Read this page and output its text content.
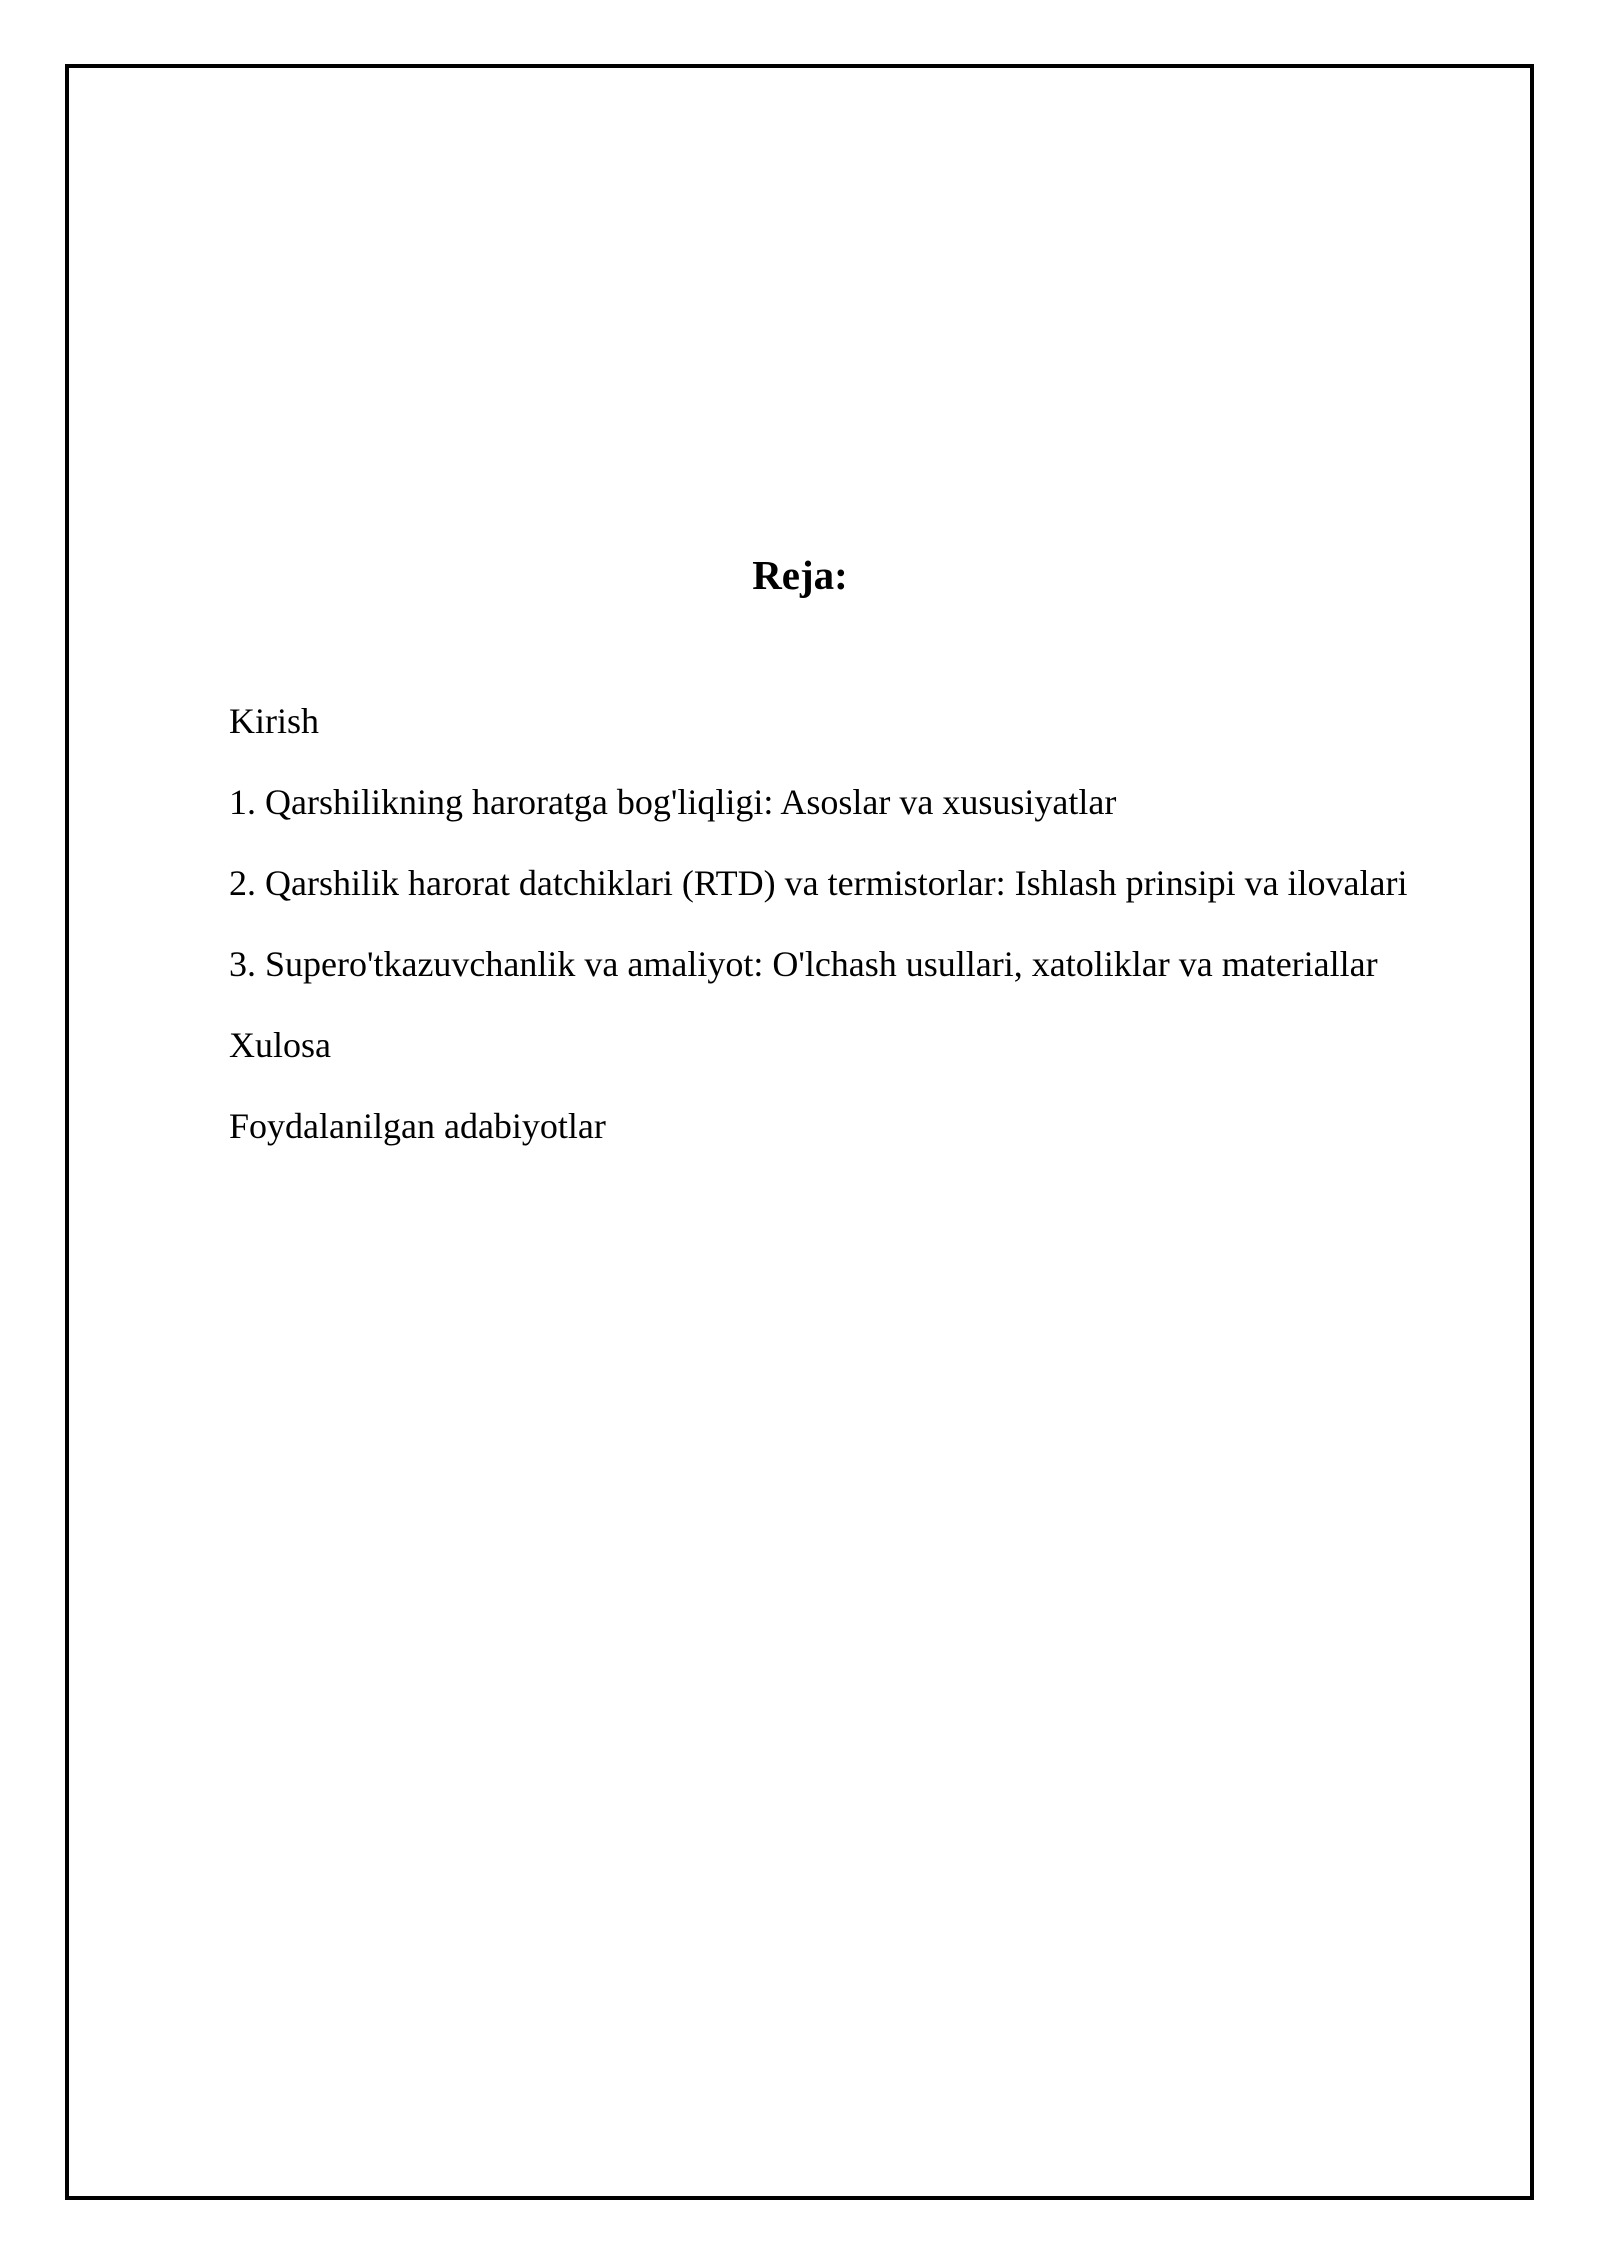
Reja:
Kirish
1. Qarshilikning haroratga bog'liqligi: Asoslar va xususiyatlar
2. Qarshilik harorat datchiklari (RTD) va termistorlar: Ishlash prinsipi va ilovalari
3. Supero'tkazuvchanlik va amaliyot: O'lchash usullari, xatoliklar va materiallar
Xulosa
Foydalanilgan adabiyotlar
